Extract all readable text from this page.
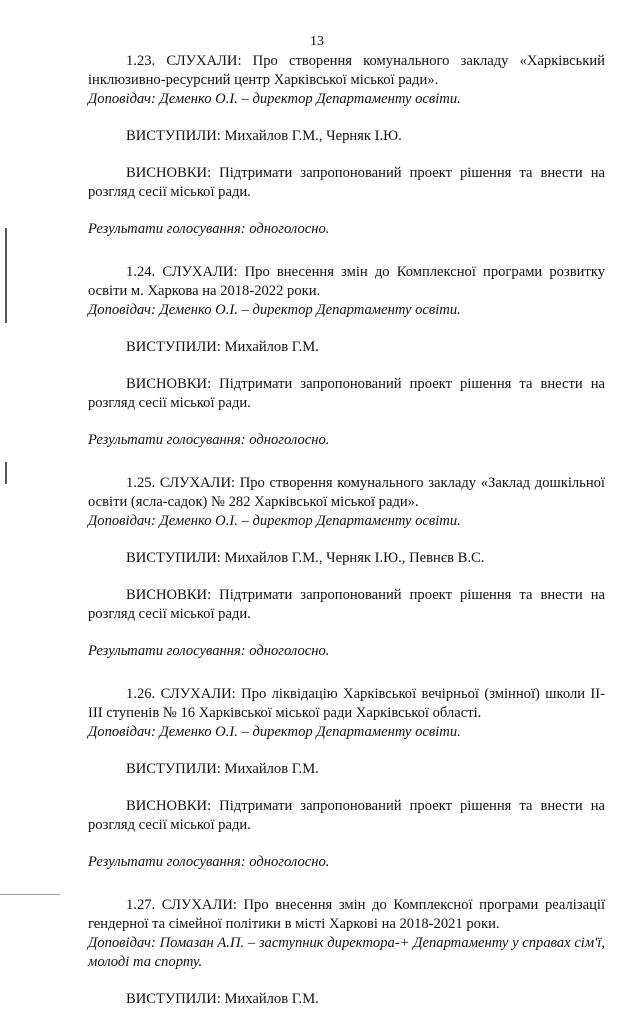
13

1.23. СЛУХАЛИ: Про створення комунального закладу «Харківський інклюзивно-ресурсний центр Харківської міської ради».

Доповідач: Деменко О.І. – директор Департаменту освіти.

ВИСТУПИЛИ: Михайлов Г.М., Черняк І.Ю.

ВИСНОВКИ: Підтримати запропонований проект рішення та внести на розгляд сесії міської ради.

Результати голосування: одноголосно.

1.24. СЛУХАЛИ: Про внесення змін до Комплексної програми розвитку освіти м. Харкова на 2018-2022 роки.

Доповідач: Деменко О.І. – директор Департаменту освіти.

ВИСТУПИЛИ: Михайлов Г.М.

ВИСНОВКИ: Підтримати запропонований проект рішення та внести на розгляд сесії міської ради.

Результати голосування: одноголосно.

1.25. СЛУХАЛИ: Про створення комунального закладу «Заклад дошкільної освіти (ясла-садок) № 282 Харківської міської ради».

Доповідач: Деменко О.І. – директор Департаменту освіти.

ВИСТУПИЛИ: Михайлов Г.М., Черняк І.Ю., Певнєв В.С.

ВИСНОВКИ: Підтримати запропонований проект рішення та внести на розгляд сесії міської ради.

Результати голосування: одноголосно.

1.26. СЛУХАЛИ: Про ліквідацію Харківської вечірньої (змінної) школи ІІ-ІІІ ступенів № 16 Харківської міської ради Харківської області.

Доповідач: Деменко О.І. – директор Департаменту освіти.

ВИСТУПИЛИ: Михайлов Г.М.

ВИСНОВКИ: Підтримати запропонований проект рішення та внести на розгляд сесії міської ради.

Результати голосування: одноголосно.

1.27. СЛУХАЛИ: Про внесення змін до Комплексної програми реалізації гендерної та сімейної політики в місті Харкові на 2018-2021 роки.

Доповідач: Помазан А.П. – заступник директора-+ Департаменту у справах сім'ї, молоді та спорту.

ВИСТУПИЛИ: Михайлов Г.М.
